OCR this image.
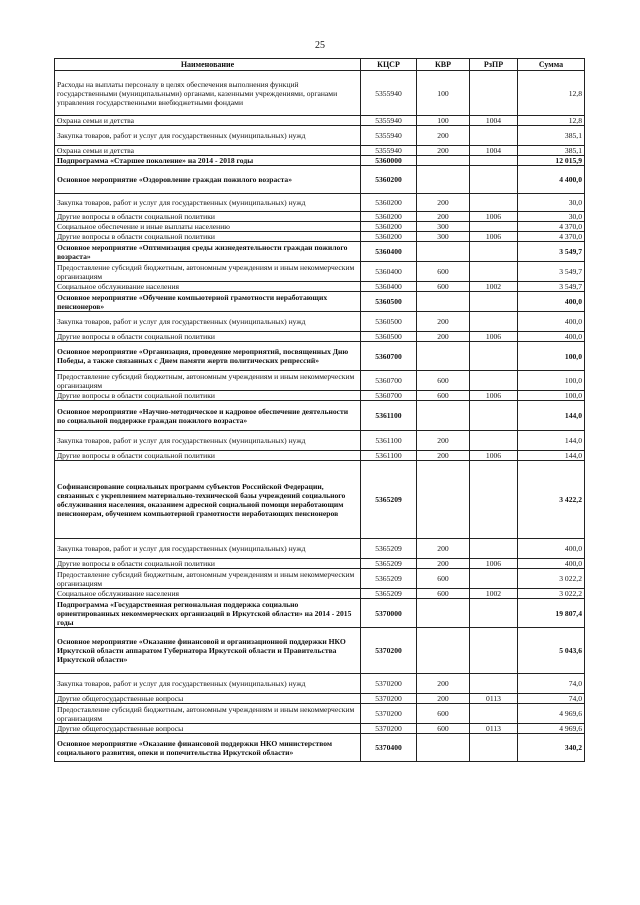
25
Наименование	КЦСР	КВР	РзПР	Сумма
Расходы на выплаты персоналу в целях обеспечения выполнения функций государственными (муниципальными) органами, казенными учреждениями, органами управления государственными внебюджетными фондами	5355940	100		12,8
Охрана семьи и детства	5355940	100	1004	12,8
Закупка товаров, работ и услуг для государственных (муниципальных) нужд	5355940	200		385,1
Охрана семьи и детства	5355940	200	1004	385,1
Подпрограмма «Старшее поколение» на 2014 - 2018 годы	5360000			12 015,9
Основное мероприятие «Оздоровление граждан пожилого возраста»	5360200			4 400,0
Закупка товаров, работ и услуг для государственных (муниципальных) нужд	5360200	200		30,0
Другие вопросы в области социальной политики	5360200	200	1006	30,0
Социальное обеспечение и иные выплаты населению	5360200	300		4 370,0
Другие вопросы в области социальной политики	5360200	300	1006	4 370,0
Основное мероприятие «Оптимизация среды жизнедеятельности граждан пожилого возраста»	5360400			3 549,7
Предоставление субсидий бюджетным, автономным учреждениям и иным некоммерческим организациям	5360400	600		3 549,7
Социальное обслуживание населения	5360400	600	1002	3 549,7
Основное мероприятие «Обучение компьютерной грамотности неработающих пенсионеров»	5360500			400,0
Закупка товаров, работ и услуг для государственных (муниципальных) нужд	5360500	200		400,0
Другие вопросы в области социальной политики	5360500	200	1006	400,0
Основное мероприятие «Организация, проведение мероприятий, посвященных Дню Победы, а также связанных с Днем памяти жертв политических репрессий»	5360700			100,0
Предоставление субсидий бюджетным, автономным учреждениям и иным некоммерческим организациям	5360700	600		100,0
Другие вопросы в области социальной политики	5360700	600	1006	100,0
Основное мероприятие «Научно-методическое и кадровое обеспечение деятельности по социальной поддержке граждан пожилого возраста»	5361100			144,0
Закупка товаров, работ и услуг для государственных (муниципальных) нужд	5361100	200		144,0
Другие вопросы в области социальной политики	5361100	200	1006	144,0
Софинансирование социальных программ субъектов Российской Федерации, связанных с укреплением материально-технической базы учреждений социального обслуживания населения, оказанием адресной социальной помощи неработающим пенсионерам, обучением компьютерной грамотности неработающих пенсионеров	5365209			3 422,2
Закупка товаров, работ и услуг для государственных (муниципальных) нужд	5365209	200		400,0
Другие вопросы в области социальной политики	5365209	200	1006	400,0
Предоставление субсидий бюджетным, автономным учреждениям и иным некоммерческим организациям	5365209	600		3 022,2
Социальное обслуживание населения	5365209	600	1002	3 022,2
Подпрограмма «Государственная региональная поддержка социально ориентированных некоммерческих организаций в Иркутской области» на 2014 - 2015 годы	5370000			19 807,4
Основное мероприятие «Оказание финансовой и организационной поддержки НКО Иркутской области аппаратом Губернатора Иркутской области и Правительства Иркутской области»	5370200			5 043,6
Закупка товаров, работ и услуг для государственных (муниципальных) нужд	5370200	200		74,0
Другие общегосударственные вопросы	5370200	200	0113	74,0
Предоставление субсидий бюджетным, автономным учреждениям и иным некоммерческим организациям	5370200	600		4 969,6
Другие общегосударственные вопросы	5370200	600	0113	4 969,6
Основное мероприятие «Оказание финансовой поддержки НКО министерством социального развития, опеки и попечительства Иркутской области»	5370400			340,2
